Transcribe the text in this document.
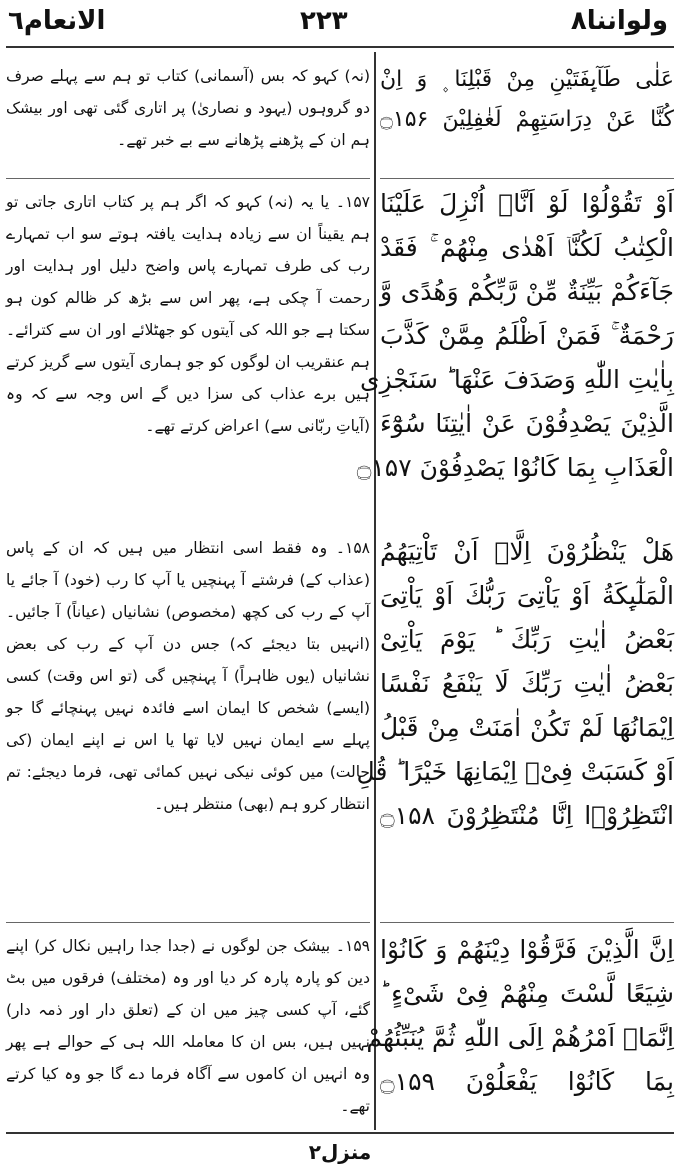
الانعام٦	۲۲۳	ولواننا۸

(نہ) کہو کہ بس (آسمانی) کتاب تو ہم سے پہلے صرف دو گروہوں (یہود و نصاریٰ) پر اتاری گئی تھی اور بیشک ہم ان کے پڑھنے پڑھانے سے بے خبر تھے۔

۱۵۷۔ یا یہ (نہ) کہو کہ اگر ہم پر کتاب اتاری جاتی تو ہم یقیناً ان سے زیادہ ہدایت یافتہ ہوتے سو اب تمہارے رب کی طرف تمہارے پاس واضح دلیل اور ہدایت اور رحمت آ چکی ہے، پھر اس سے بڑھ کر ظالم کون ہو سکتا ہے جو اللہ کی آیتوں کو جھٹلائے اور ان سے کترائے۔ ہم عنقریب ان لوگوں کو جو ہماری آیتوں سے گریز کرتے ہیں برے عذاب کی سزا دیں گے اس وجہ سے کہ وہ (آیاتِ ربّانی سے) اعراض کرتے تھے۔

۱۵۸۔ وہ فقط اسی انتظار میں ہیں کہ ان کے پاس (عذاب کے) فرشتے آ پہنچیں یا آپ کا رب (خود) آ جائے یا آپ کے رب کی کچھ (مخصوص) نشانیاں (عیاناً) آ جائیں۔ (انہیں بتا دیجئے کہ) جس دن آپ کے رب کی بعض نشانیاں (یوں ظاہراً) آ پہنچیں گی (تو اس وقت) کسی (ایسے) شخص کا ایمان اسے فائدہ نہیں پہنچائے گا جو پہلے سے ایمان نہیں لایا تھا یا اس نے اپنے ایمان (کی حالت) میں کوئی نیکی نہیں کمائی تھی، فرما دیجئے: تم انتظار کرو ہم (بھی) منتظر ہیں۔

۱۵۹۔ بیشک جن لوگوں نے (جدا جدا راہیں نکال کر) اپنے دین کو پارہ پارہ کر دیا اور وہ (مختلف) فرقوں میں بٹ گئے، آپ کسی چیز میں ان کے (تعلق دار اور ذمہ دار) نہیں ہیں، بس ان کا معاملہ اللہ ہی کے حوالے ہے پھر وہ انہیں ان کاموں سے آگاہ فرما دے گا جو وہ کیا کرتے تھے۔

عَلٰى طَآىِٕفَتَيْنِ مِنْ قَبْلِنَا ۪ وَ اِنْ
كُنَّا عَنْ دِرَاسَتِهِمْ لَغٰفِلِيْنَ ۝۱۵۶
اَوْ تَقُوْلُوْا لَوْ اَنَّاۤ اُنْزِلَ عَلَيْنَا
الْكِتٰبُ لَكُنَّاۤ اَهْدٰى مِنْهُمْ ۚ فَقَدْ
جَآءَكُمْ بَيِّنَةٌ مِّنْ رَّبِّكُمْ وَهُدًى وَّ
رَحْمَةٌ ۚ فَمَنْ اَظْلَمُ مِمَّنْ كَذَّبَ
بِاٰيٰتِ اللّٰهِ وَصَدَفَ عَنْهَا ؕ سَنَجْزِى
الَّذِيْنَ يَصْدِفُوْنَ عَنْ اٰيٰتِنَا سُوْٓءَ
الْعَذَابِ بِمَا كَانُوْا يَصْدِفُوْنَ ۝۱۵۷
هَلْ يَنْظُرُوْنَ اِلَّاۤ اَنْ تَاْتِيَهُمُ
الْمَلٰٓىِٕكَةُ اَوْ يَاْتِىَ رَبُّكَ اَوْ يَاْتِىَ
بَعْضُ اٰيٰتِ رَبِّكَ ؕ يَوْمَ يَاْتِىْ
بَعْضُ اٰيٰتِ رَبِّكَ لَا يَنْفَعُ نَفْسًا
اِيْمَانُهَا لَمْ تَكُنْ اٰمَنَتْ مِنْ قَبْلُ
اَوْ كَسَبَتْ فِىْۤ اِيْمَانِهَا خَيْرًا ؕ قُلِ
انْتَظِرُوْۤا اِنَّا مُنْتَظِرُوْنَ ۝۱۵۸
اِنَّ الَّذِيْنَ فَرَّقُوْا دِيْنَهُمْ وَ كَانُوْا
شِيَعًا لَّسْتَ مِنْهُمْ فِىْ شَىْءٍ ؕ
اِنَّمَاۤ اَمْرُهُمْ اِلَى اللّٰهِ ثُمَّ يُنَبِّئُهُمْ
بِمَا كَانُوْا يَفْعَلُوْنَ ۝۱۵۹
منزل۲
